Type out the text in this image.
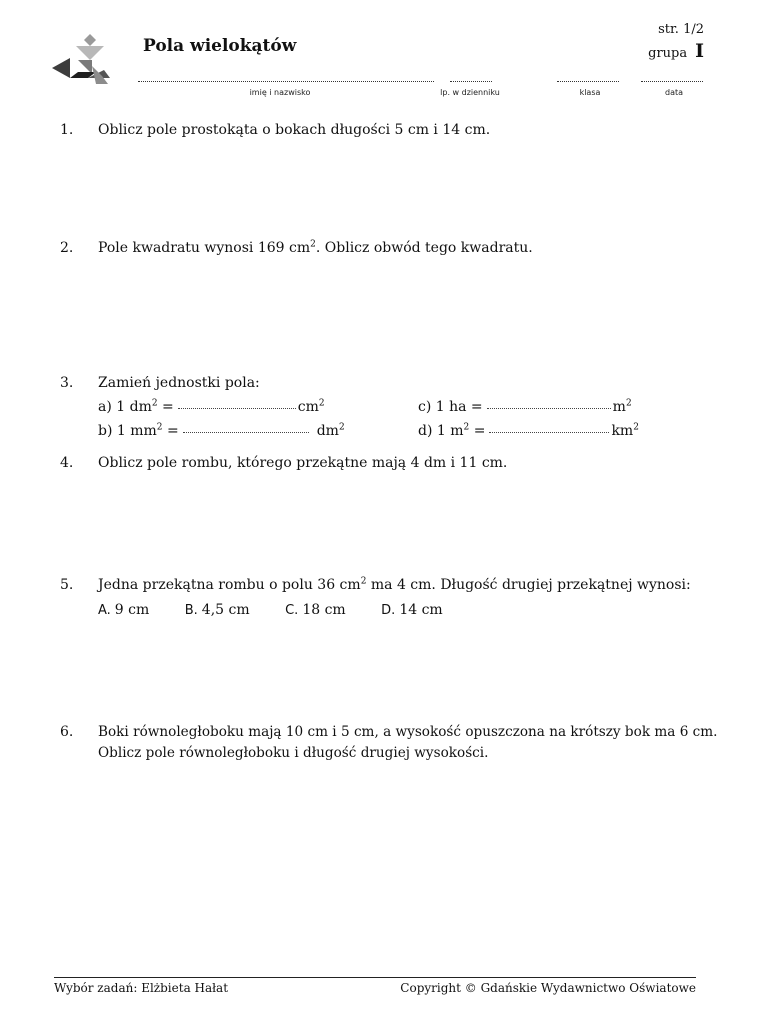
Pola wielokątów
str. 1/2
grupa I
imię i nazwisko	lp. w dzienniku	klasa	data
1. Oblicz pole prostokąta o bokach długości 5 cm i 14 cm.
2. Pole kwadratu wynosi 169 $cm^2$. Oblicz obwód tego kwadratu.
3. Zamień jednostki pola:
a) 1 $dm^2$ =	$cm^2$	c) 1 ha =	$m^2$
b) 1 $mm^2$ =	$dm^2$	d) 1 $m^2$ =	$km^2$
4. Oblicz pole rombu, którego przekątne mają 4 dm i 11 cm.
5. Jedna przekątna rombu o polu 36 $cm^2$ ma 4 cm. Długość drugiej przekątnej wynosi:
A. 9 cm	B. 4,5 cm	C. 18 cm	D. 14 cm
6. Boki równoległoboku mają 10 cm i 5 cm, a wysokość opuszczona na krótszy bok ma 6 cm.
Oblicz pole równoległoboku i długość drugiej wysokości.
Wybór zadań: Elżbieta Hałat	Copyright © Gdańskie Wydawnictwo Oświatowe
